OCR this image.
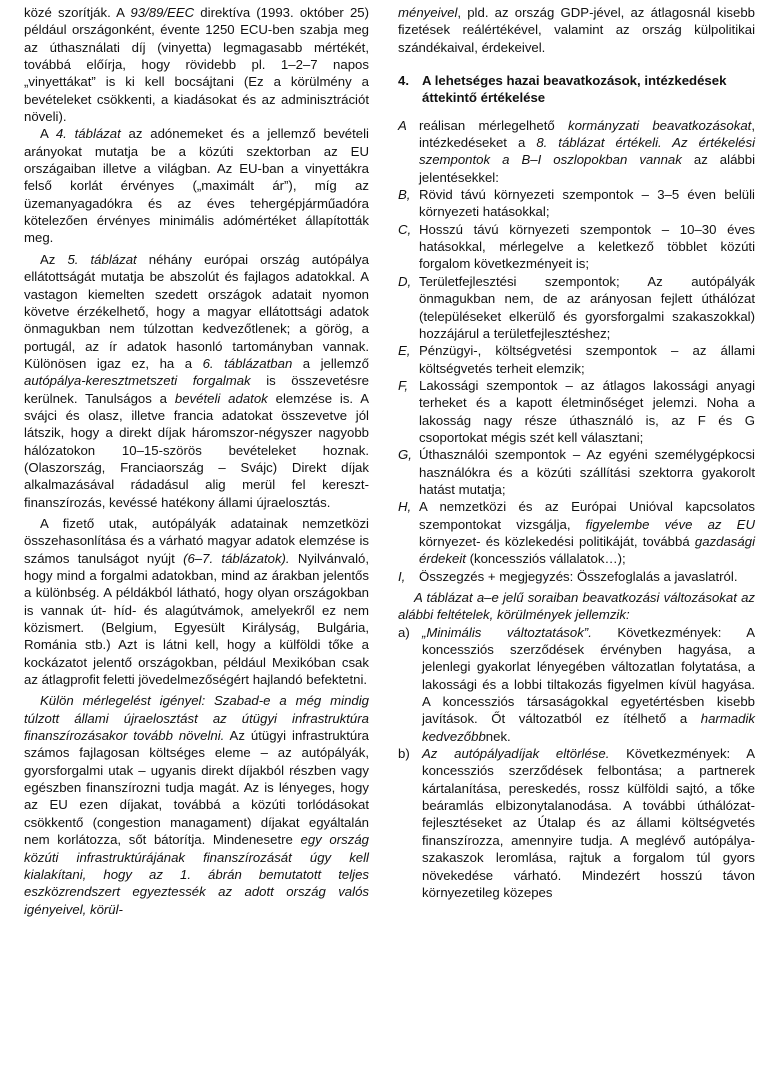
közé szorítják. A 93/89/EEC direktíva (1993. október 25) például országonként, évente 1250 ECU-ben szabja meg az úthasználati díj (vinyetta) legmagasabb mértékét, továbbá előírja, hogy rövidebb pl. 1–2–7 napos „vinyettákat” is ki kell bocsájtani (Ez a körülmény a bevételeket csökkenti, a kiadásokat és az adminisztrációt növeli).

A 4. táblázat az adónemeket és a jellemző bevételi arányokat mutatja be a közúti szektorban az EU országaiban illetve a világban. Az EU-ban a vinyettákra felső korlát érvényes („maximált ár”), míg az üzemanyagadókra és az éves tehergépjárműadóra kötelezően érvényes minimális adómértéket állapították meg.

Az 5. táblázat néhány európai ország autópálya ellátottságát mutatja be abszolút és fajlagos adatokkal. A vastagon kiemelten szedett országok adatait nyomon követve érzékelhető, hogy a magyar ellátottsági adatok önmagukban nem túlzottan kedvezőtlenek; a görög, a portugál, az ír adatok hasonló tartományban vannak. Különösen igaz ez, ha a 6. táblázatban a jellemző autópálya-keresztmetszeti forgalmak is összevetésre kerülnek. Tanulságos a bevételi adatok elemzése is. A svájci és olasz, illetve francia adatokat összevetve jól látszik, hogy a direkt díjak háromszor-négyszer nagyobb hálózatokon 10–15-szörös bevételeket hoznak. (Olaszország, Franciaország – Svájc) Direkt díjak alkalmazásával rádadásul alig merül fel keresztfinanszírozás, kevéssé hatékony állami újraelosztás.

A fizető utak, autópályák adatainak nemzetközi összehasonlítása és a várható magyar adatok elemzése is számos tanulságot nyújt (6–7. táblázatok). Nyilvánvaló, hogy mind a forgalmi adatokban, mind az árakban jelentős a különbség. A példákból látható, hogy olyan országokban is vannak út- híd- és alagútvámok, amelyekről ez nem közismert. (Belgium, Egyesült Királyság, Bulgária, Románia stb.) Azt is látni kell, hogy a külföldi tőke a kockázatot jelentő országokban, például Mexikóban csak az átlagprofit feletti jövedelmezőségért hajlandó befektetni.

Külön mérlegelést igényel: Szabad-e a még mindig túlzott állami újraelosztást az útügyi infrastruktúra finanszírozásakor tovább növelni. Az útügyi infrastruktúra számos fajlagosan költséges eleme – az autópályák, gyorsforgalmi utak – ugyanis direkt díjakból részben vagy egészben finanszírozni tudja magát. Az is lényeges, hogy az EU ezen díjakat, továbbá a közúti torlódásokat csökkentő (congestion managament) díjakat egyáltalán nem korlátozza, sőt bátorítja. Mindenesetre egy ország közúti infrastruktúrájának finanszírozását úgy kell kialakítani, hogy az 1. ábrán bemutatott teljes eszközrendszert egyeztessék az adott ország valós igényeivel, körül-

ményeivel, pld. az ország GDP-jével, az átlagosnál kisebb fizetések reálértékével, valamint az ország külpolitikai szándékaival, érdekeivel.

4. A lehetséges hazai beavatkozások, intézkedések áttekintő értékelése
A reálisan mérlegelhető kormányzati beavatkozásokat, intézkedéseket a 8. táblázat értékeli. Az értékelési szempontok a B–I oszlopokban vannak az alábbi jelentésekkel:
B, Rövid távú környezeti szempontok – 3–5 éven belüli környezeti hatásokkal;
C, Hosszú távú környezeti szempontok – 10–30 éves hatásokkal, mérlegelve a keletkező többlet közúti forgalom következményeit is;
D, Területfejlesztési szempontok; Az autópályák önmagukban nem, de az arányosan fejlett úthálózat (településeket elkerülő és gyorsforgalmi szakaszokkal) hozzájárul a területfejlesztéshez;
E, Pénzügyi-, költségvetési szempontok – az állami költségvetés terheit elemzik;
F, Lakossági szempontok – az átlagos lakossági anyagi terheket és a kapott életminőséget jelemzi. Noha a lakosság nagy része úthasználó is, az F és G csoportokat mégis szét kell választani;
G, Úthasználói szempontok – Az egyéni személygépkocsi használókra és a közúti szállítási szektorra gyakorolt hatást mutatja;
H, A nemzetközi és az Európai Unióval kapcsolatos szempontokat vizsgálja, figyelembe véve az EU környezet- és közlekedési politikáját, továbbá gazdasági érdekeit (koncessziós vállalatok…);
I,	Összegzés + megjegyzés: Összefoglalás a javaslatról.

A táblázat a–e jelű soraiban beavatkozási változásokat az alábbi feltételek, körülmények jellemzik:

a) „Minimális változtatások”. Következmények: A koncessziós szerződések érvényben hagyása, a jelenlegi gyakorlat lényegében változatlan folytatása, a lakossági és a lobbi tiltakozás figyelmen kívül hagyása. A koncessziós társaságokkal egyetértésben kisebb javítások. Őt változatból ez ítélhető a harmadik kedvezőbbnek.
b) Az autópályadíjak eltörlése. Következmények: A koncessziós szerződések felbontása; a partnerek kártalanítása, pereskedés, rossz külföldi sajtó, a tőke beáramlás elbizonytalanodása. A további úthálózat-fejlesztéseket az Útalap és az állami költségvetés finanszírozza, amennyire tudja. A meglévő autópálya-szakaszok leromlása, rajtuk a forgalom túl gyors növekedése várható. Mindezért hosszú távon környezetileg közepes
